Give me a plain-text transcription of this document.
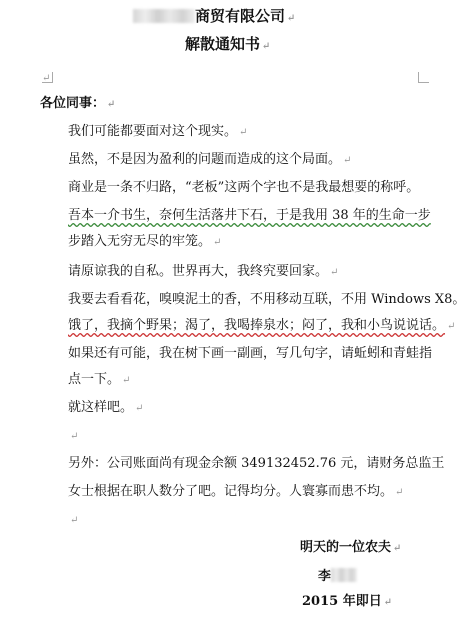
商贸有限公司 ↵
解散通知书 ↵
↵
各位同事： ↵
我们可能都要面对这个现实。 ↵
虽然，不是因为盈利的问题而造成的这个局面。 ↵
商业是一条不归路，“老板”这两个字也不是我最想要的称呼。
吾本一介书生，奈何生活落井下石，于是我用 38 年的生命一步
步踏入无穷无尽的牢笼。 ↵
请原谅我的自私。世界再大，我终究要回家。 ↵
我要去看看花，嗅嗅泥土的香，不用移动互联，不用 Windows X8。
饿了，我摘个野果；渴了，我喝捧泉水；闷了，我和小鸟说说话。 ↵
如果还有可能，我在树下画一副画，写几句字，请蚯蚓和青蛙指
点一下。 ↵
就这样吧。 ↵
↵
另外：公司账面尚有现金余额 349132452.76 元，请财务总监王
女士根据在职人数分了吧。记得均分。人寰寡而患不均。 ↵
↵
明天的一位农夫 ↵
李
2015 年即日 ↵
